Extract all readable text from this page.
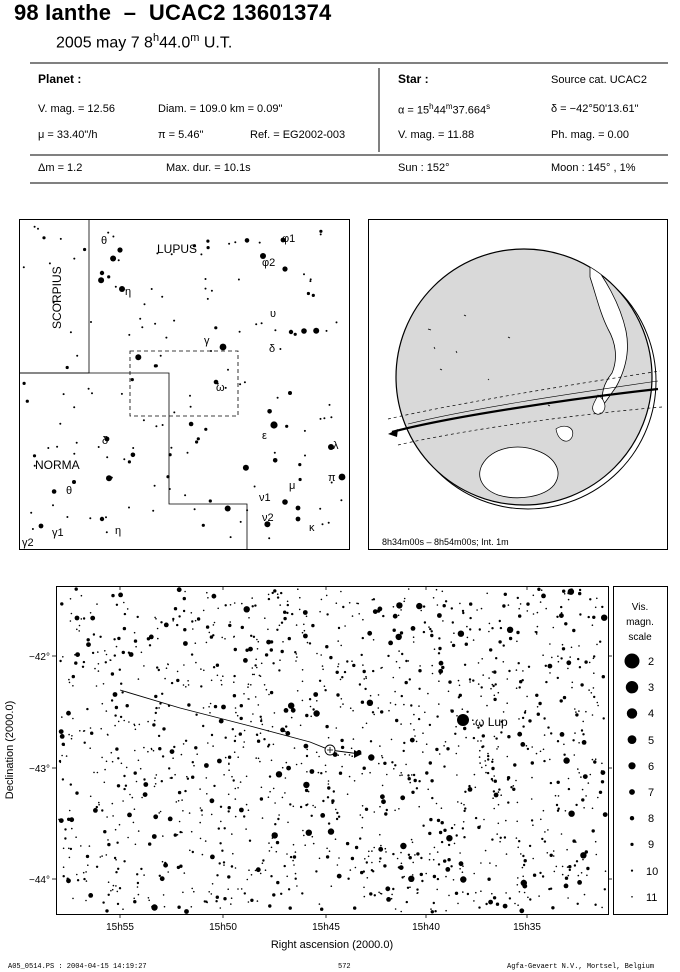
98 Ianthe – UCAC2 13601374
2005 may 7 8$^h$44.0$^m$ U.T.
Planet :
V. mag. = 12.56	Diam. = 109.0 km = 0.09"
μ = 33.40"/h	π = 5.46"	Ref. = EG2002-003
Δm = 1.2	Max. dur. = 10.1s
Star :	Source cat. UCAC2
$\alpha = 15^h44^m37.664^s$	δ = −42°50'13.61"
V. mag. = 11.88	Ph. mag. = 0.00
Sun : 152°	Moon : 145° , 1%
SCORPIUS
LUPUS
NORMA
θ
η
φ1
φ2
υ
γ
δ
ω
ε
λ
π
μ
ν1
ν2
κ
δ
θ
η
γ1
γ2	8h34m00s – 8h54m00s; Int. 1m
ω Lup
15h55	15h50	15h45	15h40	15h35
Right ascension (2000.0)
−42°
−43°
−44°
Declination (2000.0)
Vis.
magn.
scale
2
3
4
5
6
7
8
9
10
11
A05_0514.PS : 2004-04-15 14:19:27	572	Agfa-Gevaert N.V., Mortsel, Belgium
